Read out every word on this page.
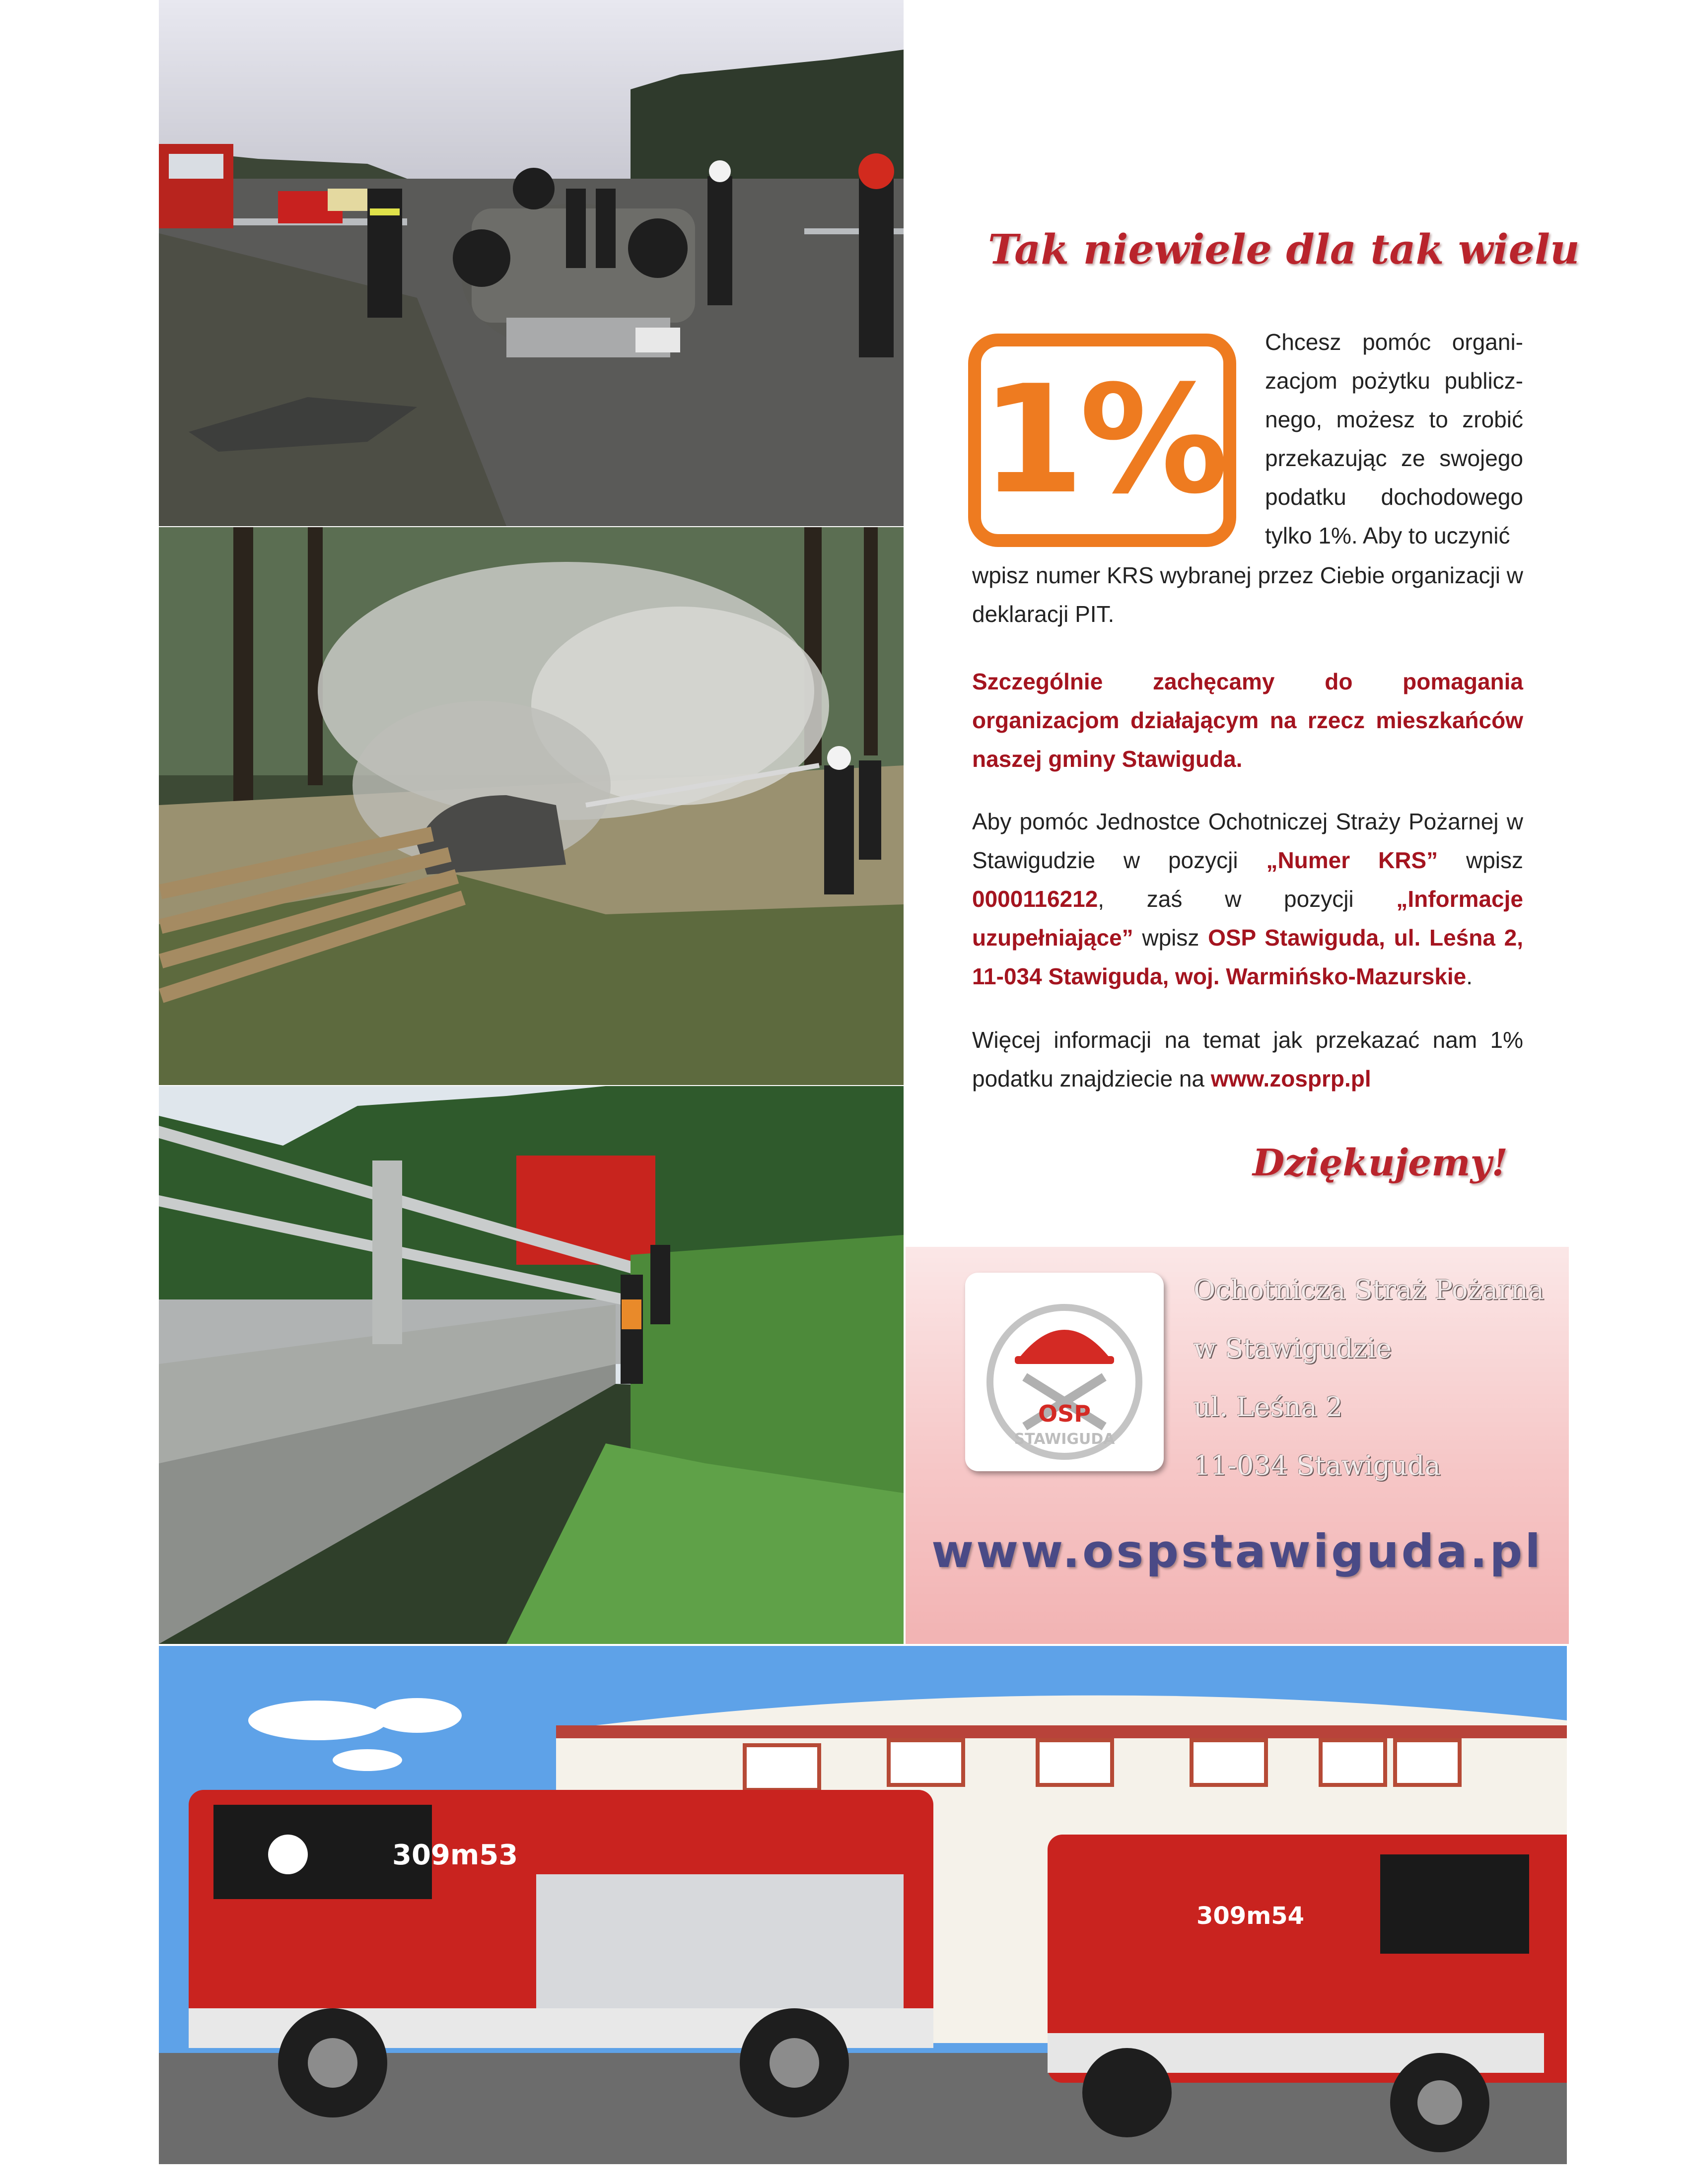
309m53
309m54
Tak niewiele dla tak wielu
1%

Chcesz pomóc organi-zacjom pożytku publicz-nego, możesz to zrobić przekazując ze swojego podatku dochodowego tylko 1%. Aby to uczynić

wpisz numer KRS wybranej przez Ciebie organizacji w deklaracji PIT.

Szczególnie zachęcamy do pomagania organizacjom działającym na rzecz mieszkańców naszej gminy Stawiguda.

Aby pomóc Jednostce Ochotniczej Straży Pożarnej w Stawigudzie w pozycji „Numer KRS” wpisz 0000116212, zaś w pozycji „Informacje uzupełniające” wpisz OSP Stawiguda, ul. Leśna 2, 11-034 Stawiguda, woj. Warmińsko-Mazurskie.

Więcej informacji na temat jak przekazać nam 1% podatku znajdziecie na www.zosprp.pl

Dziękujemy!

OSP
STAWIGUDA
Ochotnicza Straż Pożarna
w Stawigudzie
ul. Leśna 2
11-034 Stawiguda
www.ospstawiguda.pl
